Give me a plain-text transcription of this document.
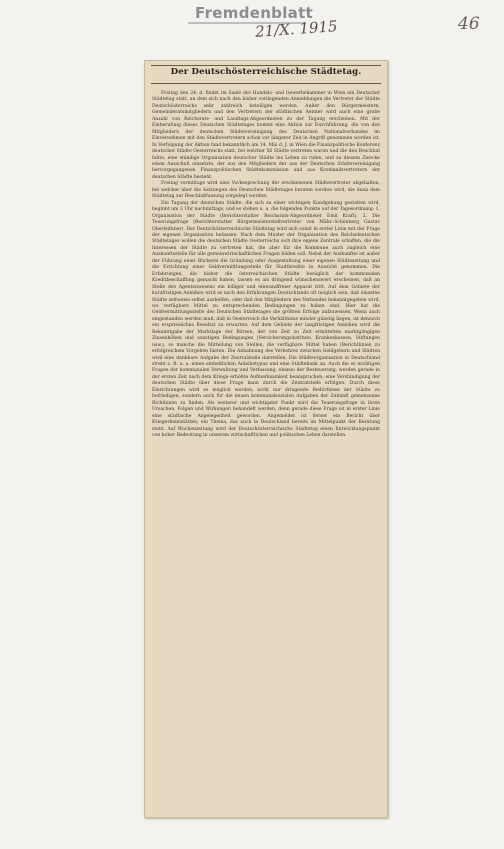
Fremdenblatt
21/X. 1915	46
Der Deutschösterreichische Städtetag.

Freitag den 24. d. findet im Saale der Handels- und Gewerbekammer in Wien ein Deutscher Städtetag statt, an dem sich nach den bisher vorliegenden Anmeldungen die Vertreter der Städte Deutschösterreichs sehr zahlreich beteiligen werden. Außer den Bürgermeistern, Gemeinderatsmitgliedern und den Vertretern der städtischen Aemter wird auch eine große Anzahl von Reichsrats- und Landtags-Abgeordneten zu der Tagung erscheinen. Mit der Einberufung dieses Deutschen Städtetages kommt eine Aktion zur Durchführung, die von den Mitgliedern der deutschen Städtevereinigung des Deutschen Nationalverbandes im Einvernehmen mit den Städtevertretern schon vor längerer Zeit in Angriff genommen worden ist. In Verfolgung der Aktion fand bekanntlich am 14. Mai d. J. in Wien die Finanzpolitische Konferenz deutscher Städte Oesterreichs statt, bei welcher 56 Städte vertreten waren und die den Beschluß faßte, eine ständige Organisation deutscher Städte ins Leben zu rufen, und zu diesem Zwecke einen Ausschuß einsetzte, der aus den Mitgliedern der aus der Deutschen Städtevereinigung hervorgegangenen Finanzpolitischen Städtekommission und aus Kronlandsvertretern der deutschen Städte besteht.

Freitag vormittags wird eine Vorbesprechung der erschienenen Städtevertreter abgehalten, bei welcher über die Satzungen des Deutschen Städtetages beraten werden wird, die dann dem Städtetag zur Beschlußfassung vorgelegt werden.

Die Tagung der deutschen Städte, die sich zu einer wichtigen Kundgebung gestalten wird, beginnt um 3 Uhr nachmittags, und es stehen u. a. die folgenden Punkte auf der Tagesordnung: 1. Organisation der Städte (Berichterstatter Reichsrats-Abgeordneter Emil Kraft). 2. Die Teuerungsfrage (Berichterstatter Bürgermeisterstellvertreter von Mähr.-Schönberg Gustav Oberleithner). Der Deutschösterreichische Städtetag wird sich somit in erster Linie mit der Frage der eigenen Organisation befassen. Nach dem Muster der Organisation des Reichsdeutschen Städtetages wollen die deutschen Städte Oesterreichs sich ihre eigene Zentrale schaffen, die die Interessen der Städte zu vertreten hat, die aber für die Kommune auch zugleich eine Auskunftsstelle für alle gemeinwirtschaftlichen Fragen bilden soll. Nebst der Auskunftei ist außer der Führung einer Bücherei die Gründung oder Ausgestaltung einer eigenen Städtezeitung und die Errichtung einer Geldvermittlungsstelle für Stadtkredite in Aussicht genommen. Die Erfahrungen, die bisher die österreichischen Städte bezüglich der kommunalen Kreditbeschaffung gemacht haben, lassen es als dringend wünschenswert erscheinen, daß an Stelle des Agentenwesens ein billiger und einwandfreier Apparat tritt. Auf dem Gebiete der kurzfristigen Anleihen wird es nach den Erfahrungen Deutschlands oft möglich sein, daß einzelne Städte zeitweise selbst aushelfen, oder daß den Mitgliedern des Verbandes bekanntgegeben wird, wo verfügbare Mittel zu entsprechenden Bedingungen zu haben sind. Hier hat die Geldvermittlungsstelle des Deutschen Städtetages die größten Erfolge aufzuweisen. Wenn auch eingestanden werden muß, daß in Oesterreich die Verhältnisse minder günstig liegen, ist dennoch ein erspriesliches Resultat zu erwarten. Auf dem Gebiete der langfristigen Anleihen wird die Bekanntgabe der Marktlage der Börsen, der von Zeit zu Zeit ermittelten marktgängigen Zinsenhöhen und sonstigen Bedingungen (Versicherungsinstitute, Krankenkassen, Stiftungen usw.), so manche die Mitteilung von Stellen, die verfügbare Mittel haben (Berichtlinien zu erfolgreichem Vorgehen bieten. Die Anbahnung des Verkehres zwischen Geldgebern und Städten wird eine dankbare Aufgabe der Zentralstelle darstellen. Die Städteorganisation in Deutschland strebt z. B. u. a. einen einheitlichen Anleihetypus und eine Städtebank an. Auch die so wichtigen Fragen der kommunalen Verwaltung und Verfassung, ebenso der Besteuerung, werden gerade in der ersten Zeit nach dem Kriege erhöhte Aufmerksamkeit beanspruchen; eine Verständigung der deutschen Städte über diese Frage kann durch die Zentralstelle erfolgen. Durch diese Einrichtungen wird es möglich werden, nicht nur dringende Bedürfnisse der Städte zu befriedigen, sondern auch für die neuen kommunalsozialen Aufgaben der Zukunft gemeinsame Richtlinien zu finden. Als weiterer und wichtigster Punkt wird die Teuerungsfrage in ihren Ursachen, Folgen und Wirkungen behandelt werden, denn gerade diese Frage ist in erster Linie eine städtische Angelegenheit geworden. Angemeldet ist ferner ein Bericht über Kriegerheimstätten, ein Thema, das auch in Deutschland bereits im Mittelpunkt der Beratung steht. Auf Wochenzeitung wird der Deutschösterreichische Städtetag einen Entwicklungspunkt von hoher Bedeutung in unserem wirtschaftlichen und politischen Leben darstellen.
